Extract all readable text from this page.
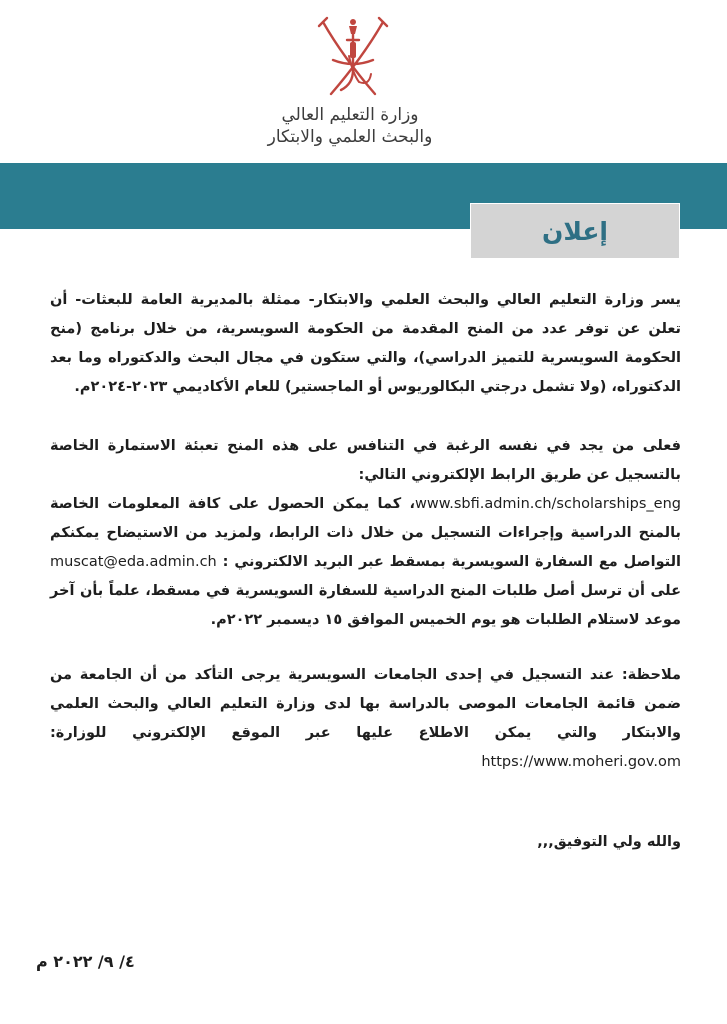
وزارة التعليم العالي
والبحث العلمي والابتكار
إعلان

يسر وزارة التعليم العالي والبحث العلمي والابتكار- ممثلة بالمديرية العامة للبعثات- أن تعلن عن توفر عدد من المنح المقدمة من الحكومة السويسرية، من خلال برنامج (منح الحكومة السويسرية للتميز الدراسي)، والتي ستكون في مجال البحث والدكتوراه وما بعد الدكتوراه، (ولا تشمل درجتي البكالوريوس أو الماجستير) للعام الأكاديمي ٢٠٢٣-٢٠٢٤م.

فعلى من يجد في نفسه الرغبة في التنافس على هذه المنح تعبئة الاستمارة الخاصة بالتسجيل عن طريق الرابط الإلكتروني التالي:
www.sbfi.admin.ch/scholarships_eng، كما يمكن الحصول على كافة المعلومات الخاصة بالمنح الدراسية وإجراءات التسجيل من خلال ذات الرابط، ولمزيد من الاستيضاح يمكنكم التواصل مع السفارة السويسرية بمسقط عبر البريد الالكتروني : muscat@eda.admin.ch على أن ترسل أصل طلبات المنح الدراسية للسفارة السويسرية في مسقط، علماً بأن آخر موعد لاستلام الطلبات هو يوم الخميس الموافق ١٥ ديسمبر ٢٠٢٢م.

ملاحظة: عند التسجيل في إحدى الجامعات السويسرية يرجى التأكد من أن الجامعة من ضمن قائمة الجامعات الموصى بالدراسة بها لدى وزارة التعليم العالي والبحث العلمي والابتكار والتي يمكن الاطلاع عليها عبر الموقع الإلكتروني للوزارة: https://www.moheri.gov.om

والله ولي التوفيق,,,
٤/ ٩/ ٢٠٢٢ م
